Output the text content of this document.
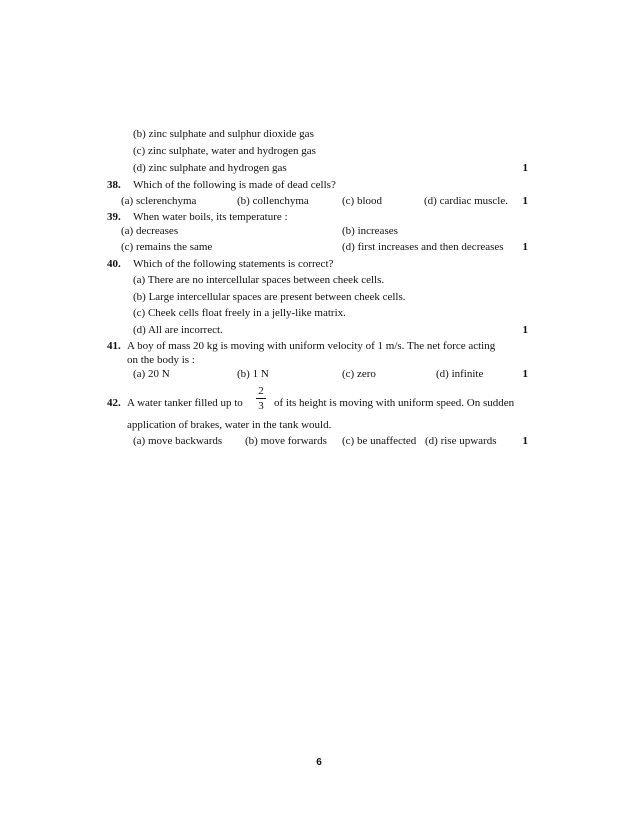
(b) zinc sulphate and sulphur dioxide gas
(c) zinc sulphate, water and hydrogen gas
(d) zinc sulphate and hydrogen gas	1
38. Which of the following is made of dead cells?
(a) sclerenchyma	(b) collenchyma	(c) blood	(d) cardiac muscle.	1
39. When water boils, its temperature :
(a) decreases	(b) increases
(c) remains the same	(d) first increases and then decreases	1
40. Which of the following statements is correct?
(a) There are no intercellular spaces between cheek cells.
(b) Large intercellular spaces are present between cheek cells.
(c) Cheek cells float freely in a jelly-like matrix.
(d) All are incorrect.	1
41. A boy of mass 20 kg is moving with uniform velocity of 1 m/s. The net force acting
on the body is :
(a) 20 N	(b) 1 N	(c) zero	(d) infinite	1
42. A water tanker filled up to
2
3 of its height is moving with uniform speed. On sudden
application of brakes, water in the tank would.
(a) move backwards (b) move forwards (c) be unaffected (d) rise upwards	1
6
